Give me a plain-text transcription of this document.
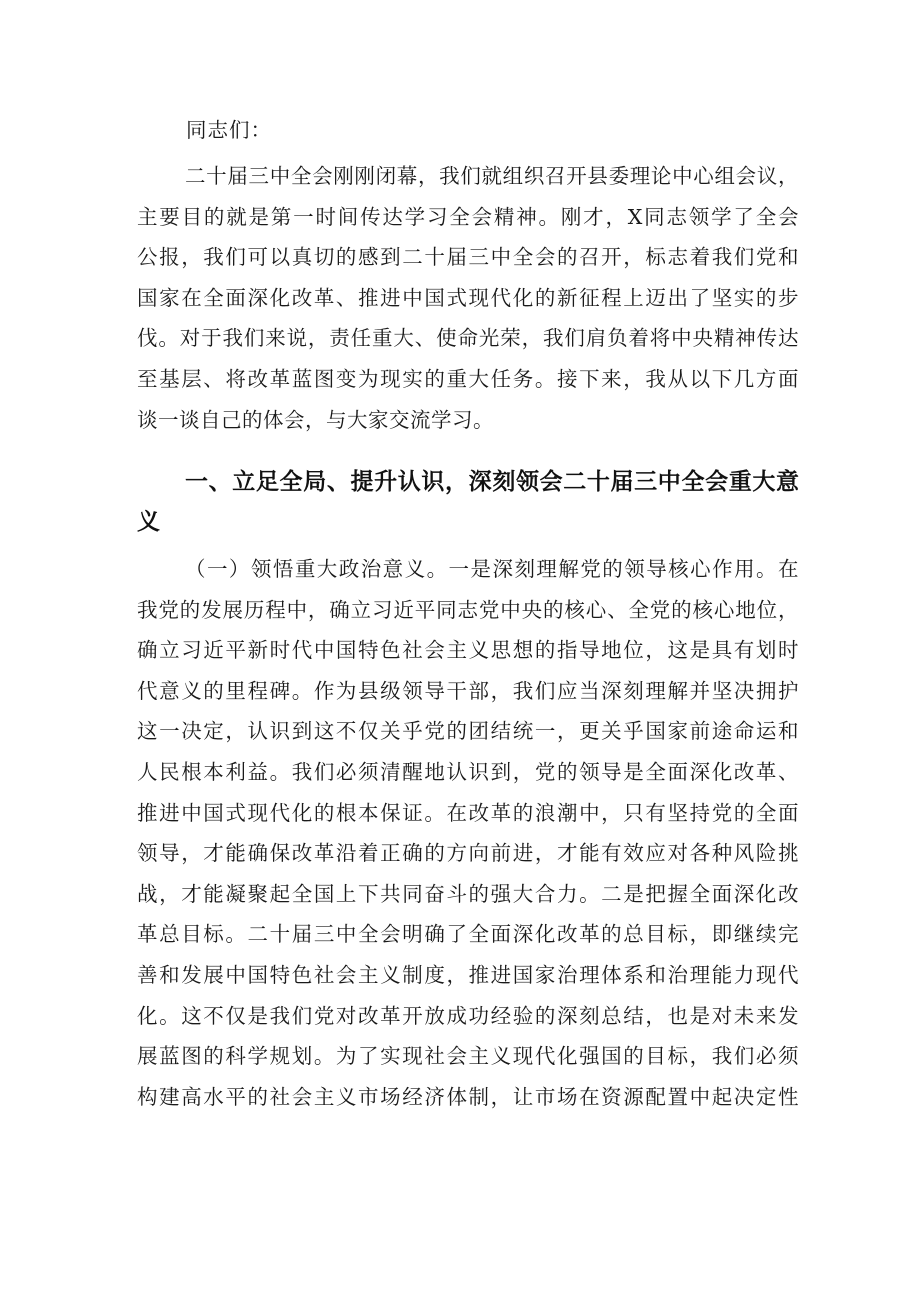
同志们：
二十届三中全会刚刚闭幕，我们就组织召开县委理论中心组会议，
主要目的就是第一时间传达学习全会精神。刚才，X同志领学了全会
公报，我们可以真切的感到二十届三中全会的召开，标志着我们党和
国家在全面深化改革、推进中国式现代化的新征程上迈出了坚实的步
伐。对于我们来说，责任重大、使命光荣，我们肩负着将中央精神传达
至基层、将改革蓝图变为现实的重大任务。接下来，我从以下几方面
谈一谈自己的体会，与大家交流学习。
一、立足全局、提升认识，深刻领会二十届三中全会重大意
义
（一）领悟重大政治意义。一是深刻理解党的领导核心作用。在
我党的发展历程中，确立习近平同志党中央的核心、全党的核心地位，
确立习近平新时代中国特色社会主义思想的指导地位，这是具有划时
代意义的里程碑。作为县级领导干部，我们应当深刻理解并坚决拥护
这一决定，认识到这不仅关乎党的团结统一，更关乎国家前途命运和
人民根本利益。我们必须清醒地认识到，党的领导是全面深化改革、
推进中国式现代化的根本保证。在改革的浪潮中，只有坚持党的全面
领导，才能确保改革沿着正确的方向前进，才能有效应对各种风险挑
战，才能凝聚起全国上下共同奋斗的强大合力。二是把握全面深化改
革总目标。二十届三中全会明确了全面深化改革的总目标，即继续完
善和发展中国特色社会主义制度，推进国家治理体系和治理能力现代
化。这不仅是我们党对改革开放成功经验的深刻总结，也是对未来发
展蓝图的科学规划。为了实现社会主义现代化强国的目标，我们必须
构建高水平的社会主义市场经济体制，让市场在资源配置中起决定性
